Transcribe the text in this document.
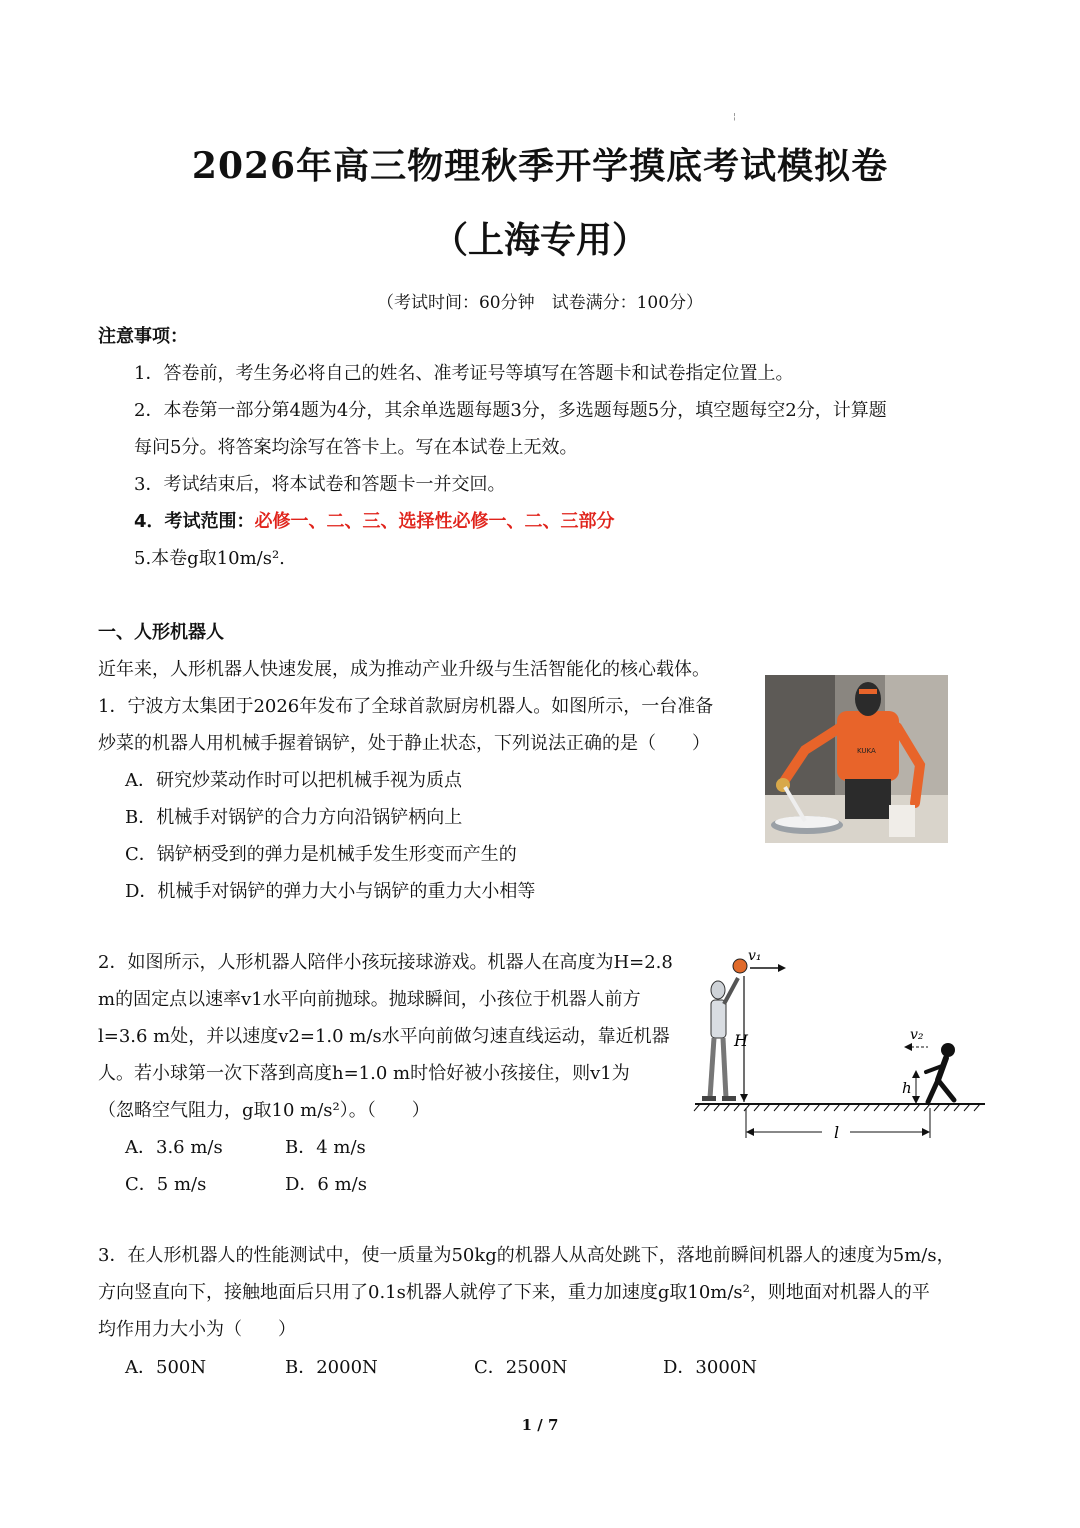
¦
2026年高三物理秋季开学摸底考试模拟卷
（上海专用）
（考试时间：60分钟　试卷满分：100分）
注意事项：
1．答卷前，考生务必将自己的姓名、准考证号等填写在答题卡和试卷指定位置上。
2．本卷第一部分第4题为4分，其余单选题每题3分，多选题每题5分，填空题每空2分，计算题
每问5分。将答案均涂写在答卡上。写在本试卷上无效。
3．考试结束后，将本试卷和答题卡一并交回。
4．考试范围：必修一、二、三、选择性必修一、二、三部分
5.本卷g取10m/s².
一、人形机器人
近年来，人形机器人快速发展，成为推动产业升级与生活智能化的核心载体。
1．宁波方太集团于2026年发布了全球首款厨房机器人。如图所示，一台准备
炒菜的机器人用机械手握着锅铲，处于静止状态，下列说法正确的是（　　）
A．研究炒菜动作时可以把机械手视为质点
B．机械手对锅铲的合力方向沿锅铲柄向上
C．锅铲柄受到的弹力是机械手发生形变而产生的
D．机械手对锅铲的弹力大小与锅铲的重力大小相等
KUKA
2．如图所示，人形机器人陪伴小孩玩接球游戏。机器人在高度为H=2.8
m的固定点以速率v1水平向前抛球。抛球瞬间，小孩位于机器人前方
l=3.6 m处，并以速度v2=1.0 m/s水平向前做匀速直线运动，靠近机器
人。若小球第一次下落到高度h=1.0 m时恰好被小孩接住，则v1为
（忽略空气阻力，g取10 m/s²）。（　　）
A．3.6 m/s	B．4 m/s
C．5 m/s	D．6 m/s
v₁
H	v₂
h
l
3．在人形机器人的性能测试中，使一质量为50kg的机器人从高处跳下，落地前瞬间机器人的速度为5m/s，
方向竖直向下，接触地面后只用了0.1s机器人就停了下来，重力加速度g取10m/s²，则地面对机器人的平
均作用力大小为（　　）
A．500N	B．2000N	C．2500N	D．3000N
1 / 7
